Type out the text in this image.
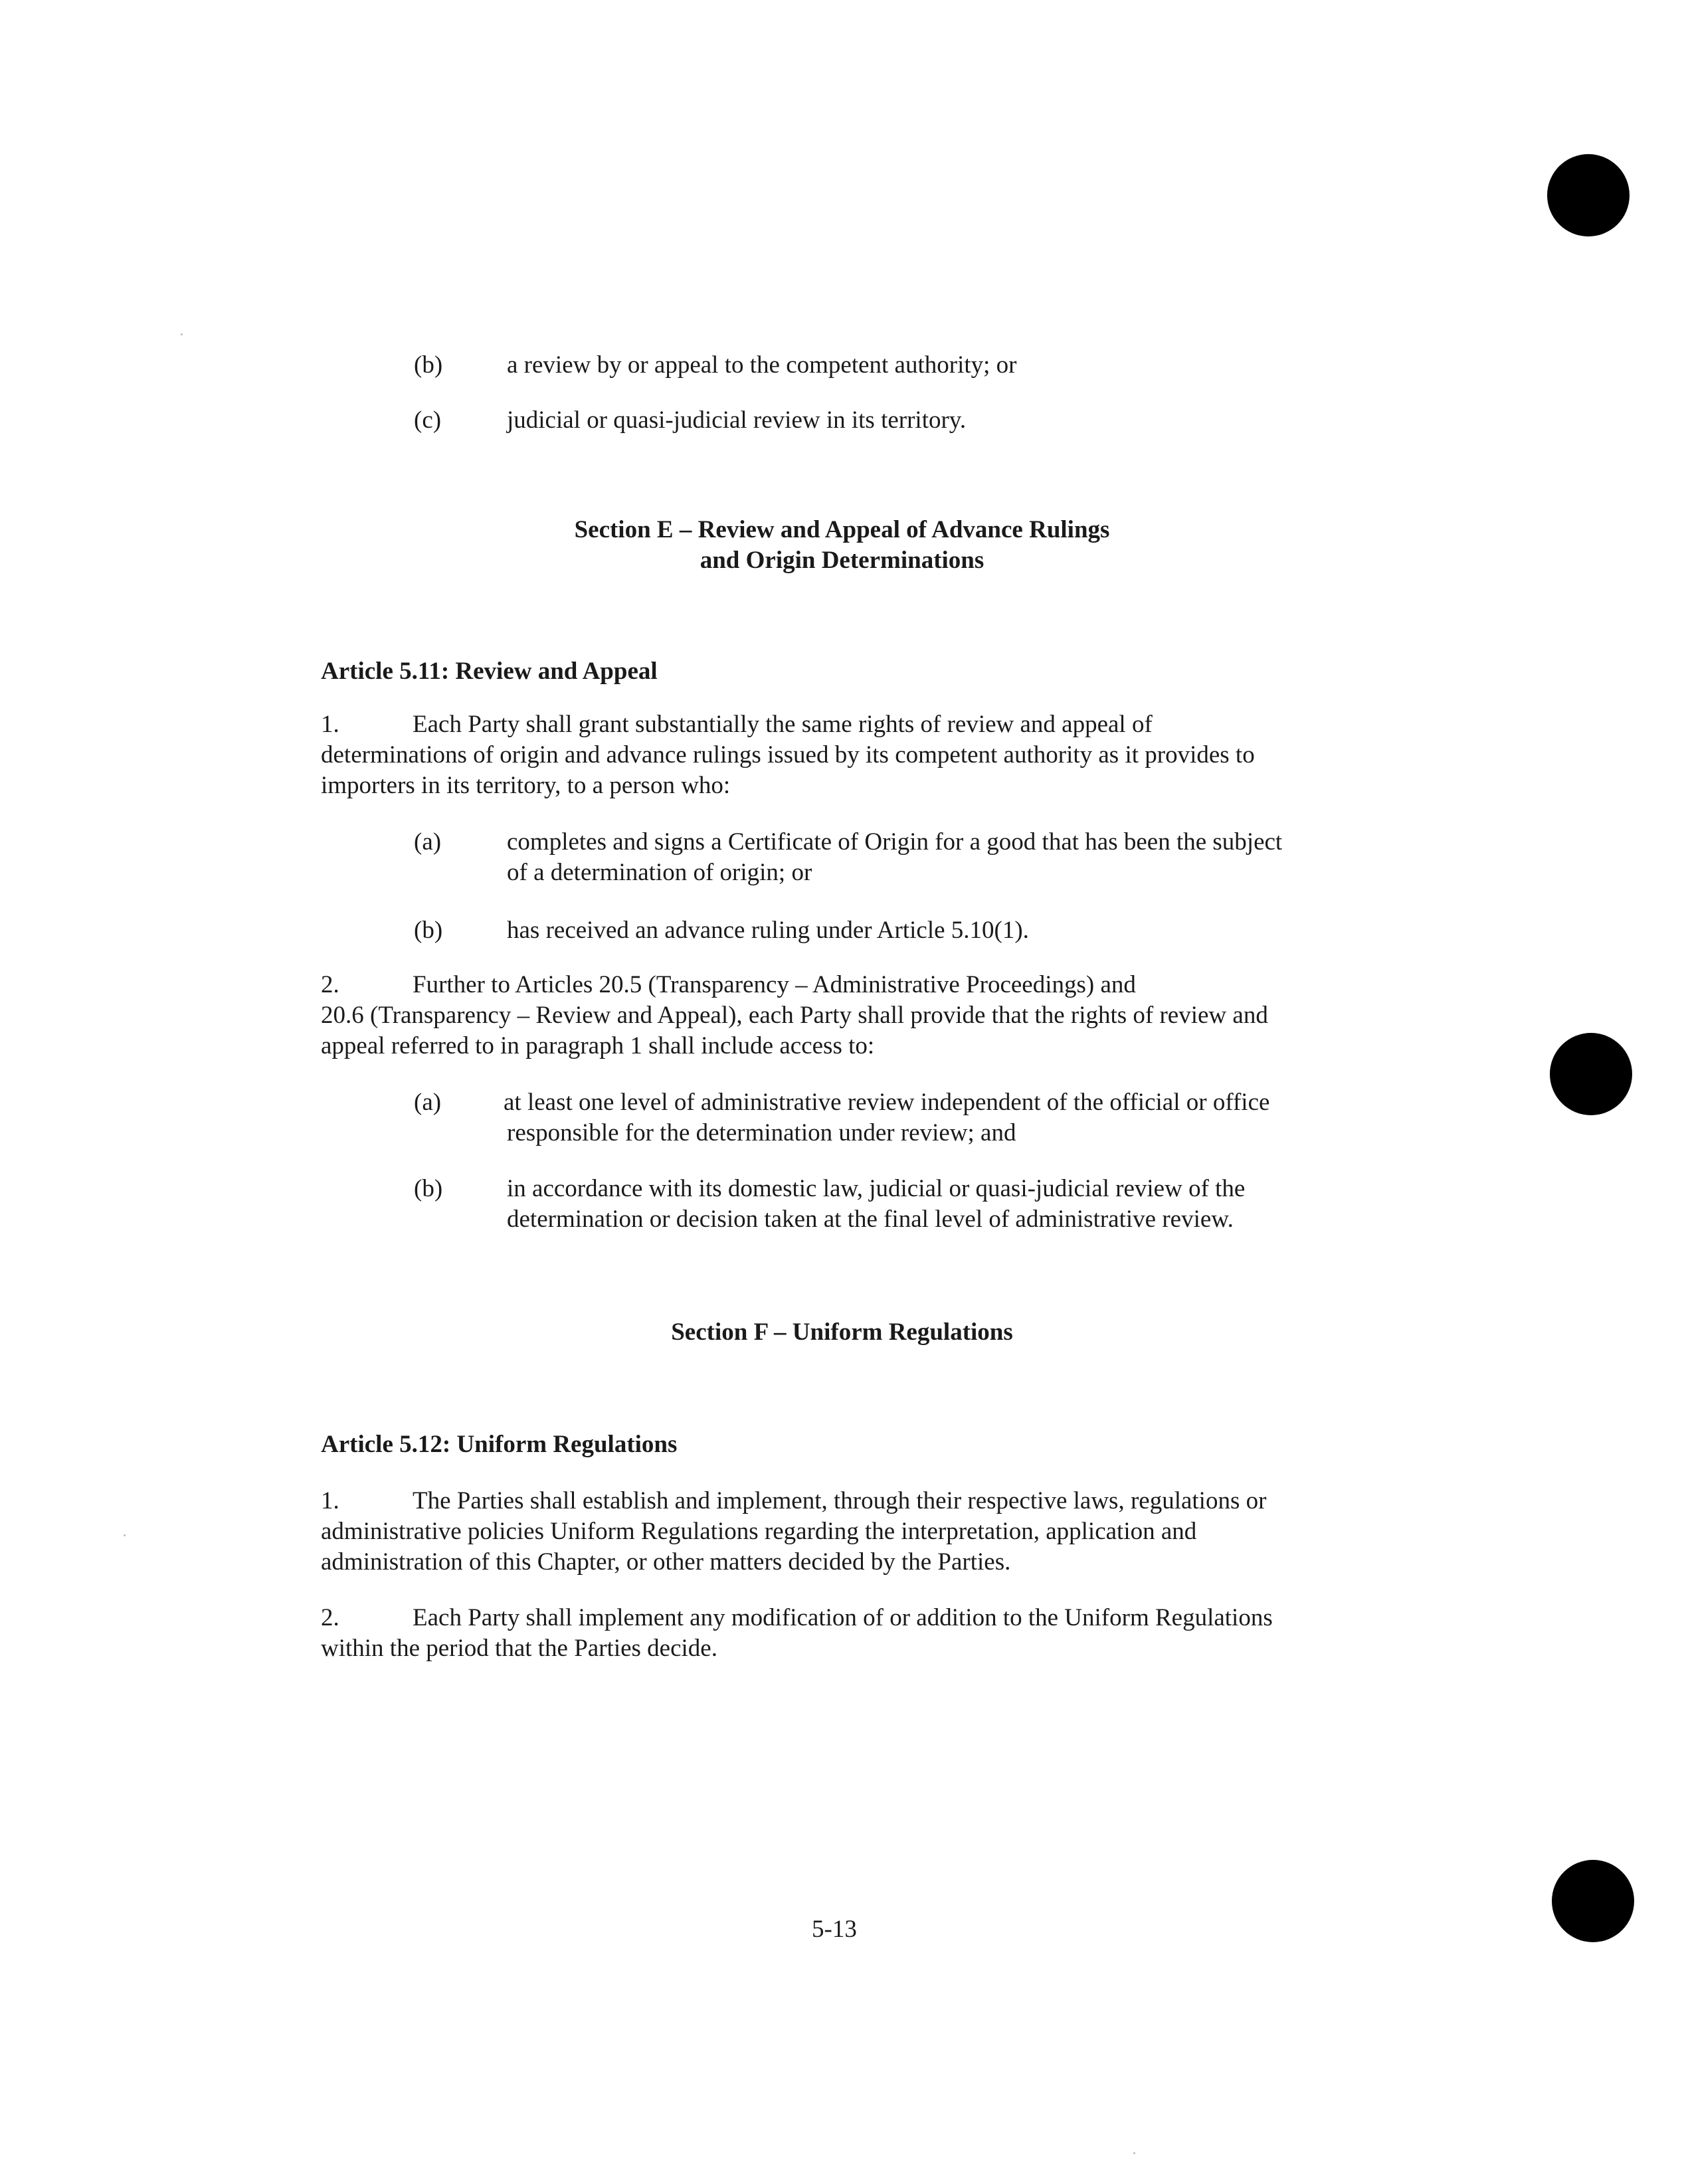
(b)	a review by or appeal to the competent authority; or
(c)	judicial or quasi-judicial review in its territory.
Section E – Review and Appeal of Advance Rulings
and Origin Determinations
Article 5.11: Review and Appeal
1.	Each Party shall grant substantially the same rights of review and appeal of
determinations of origin and advance rulings issued by its competent authority as it provides to
importers in its territory, to a person who:
(a)	completes and signs a Certificate of Origin for a good that has been the subject
of a determination of origin; or
(b)	has received an advance ruling under Article 5.10(1).
2.	Further to Articles 20.5 (Transparency – Administrative Proceedings) and
20.6 (Transparency – Review and Appeal), each Party shall provide that the rights of review and
appeal referred to in paragraph 1 shall include access to:
(a)	at least one level of administrative review independent of the official or office
responsible for the determination under review; and
(b)	in accordance with its domestic law, judicial or quasi-judicial review of the
determination or decision taken at the final level of administrative review.
Section F – Uniform Regulations
Article 5.12: Uniform Regulations
1.	The Parties shall establish and implement, through their respective laws, regulations or
administrative policies Uniform Regulations regarding the interpretation, application and
administration of this Chapter, or other matters decided by the Parties.
2.	Each Party shall implement any modification of or addition to the Uniform Regulations
within the period that the Parties decide.
5-13
